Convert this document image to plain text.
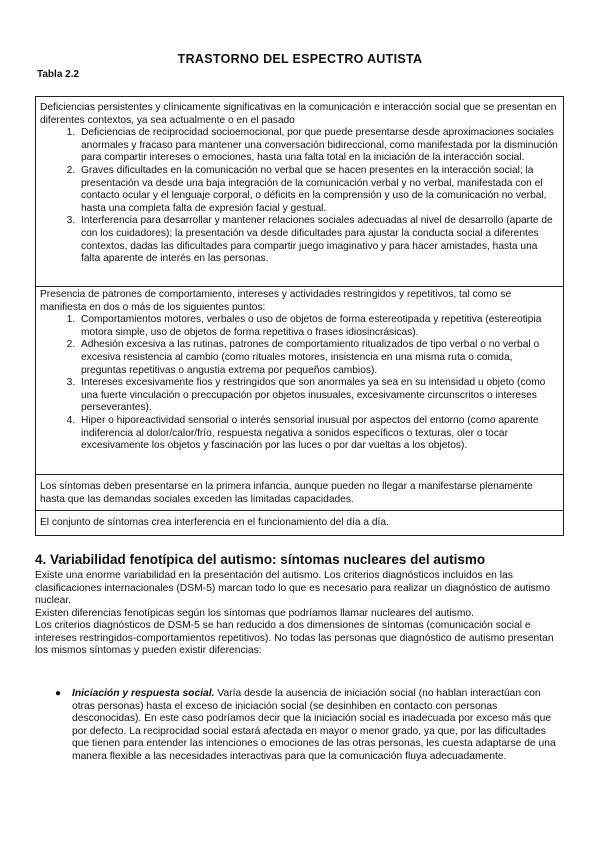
TRASTORNO DEL ESPECTRO AUTISTA
Tabla 2.2
Deficiencias persistentes y clínicamente significativas en la comunicación e interacción social que se presentan en diferentes contextos, ya sea actualmente o en el pasado
1. Deficiencias de reciprocidad socioemocional, por que puede presentarse desde aproximaciones sociales anormales y fracaso para mantener una conversación bidireccional, como manifestada por la disminución para compartir intereses o emociones, hasta una falta total en la iniciación de la interacción social.
2. Graves dificultades en la comunicación no verbal que se hacen presentes en la interacción social; la presentación va desde una baja integración de la comunicación verbal y no verbal, manifestada con el contacto ocular y el lenguaje corporal, o déficits en la comprensión y uso de la comunicación no verbal, hasta una completa falta de expresión facial y gestual.
3. Interferencia para desarrollar y mantener relaciones sociales adecuadas al nivel de desarrollo (aparte de con los cuidadores); la presentación va desde dificultades para ajustar la conducta social a diferentes contextos, dadas las dificultades para compartir juego imaginativo y para hacer amistades, hasta una falta aparente de interés en las personas.
Presencia de patrones de comportamiento, intereses y actividades restringidos y repetitivos, tal como se manifiesta en dos o más de los siguientes puntos:
1. Comportamientos motores, verbales o uso de objetos de forma estereotipada y repetitiva (estereotipia motora simple, uso de objetos de forma repetitiva o frases idiosincrásicas).
2. Adhesión excesiva a las rutinas, patrones de comportamiento ritualizados de tipo verbal o no verbal o excesiva resistencia al cambio (como rituales motores, insistencia en una misma ruta o comida, preguntas repetitivas o angustia extrema por pequeños cambios).
3. Intereses excesivamente fios y restringidos que son anormales ya sea en su intensidad u objeto (como una fuerte vinculación o preccupación por objetos inusuales, excesivamente circunscritos o intereses perseverantes).
4. Hiper o hiporeactividad sensorial o interés sensorial inusual por aspectos del entorno (como aparente indiferencia al dolor/calor/frío, respuesta negativa a sonidos específicos o texturas, oler o tocar excesivamente los objetos y fascinación por las luces o por dar vueltas a los objetos).
Los síntomas deben presentarse en la primera infancia, aunque pueden no llegar a manifestarse plenamente hasta que las demandas sociales exceden las limitadas capacidades.
El conjunto de síntomas crea interferencia en el funcionamiento del día a día.
4. Variabilidad fenotípica del autismo: síntomas nucleares del autismo

Existe una enorme variabilidad en la presentación del autismo. Los criterios diagnósticos incluidos en las clasificaciones internacionales (DSM-5) marcan todo lo que es necesario para realizar un diagnóstico de autismo nuclear.

Existen diferencias fenotípicas según los síntomas que podríamos llamar nucleares del autismo.

Los criterios diagnósticos de DSM-5 se han reducido a dos dimensiones de síntomas (comunicación social e intereses restringidos-comportamientos repetitivos). No todas las personas que diagnóstico de autismo presentan los mismos síntomas y pueden existir diferencias:

● Iniciación y respuesta social. Varía desde la ausencia de iniciación social (no hablan interactúan con otras personas) hasta el exceso de iniciación social (se desinhiben en contacto con personas desconocidas). En este caso podríamos decir que la iniciación social es inadecuada por exceso más que por defecto. La reciprocidad social estará afectada en mayor o menor grado, ya que, por las dificultades que tienen para entender las intenciones o emociones de las otras personas, les cuesta adaptarse de una manera flexible a las necesidades interactivas para que la comunicación fluya adecuadamente.
